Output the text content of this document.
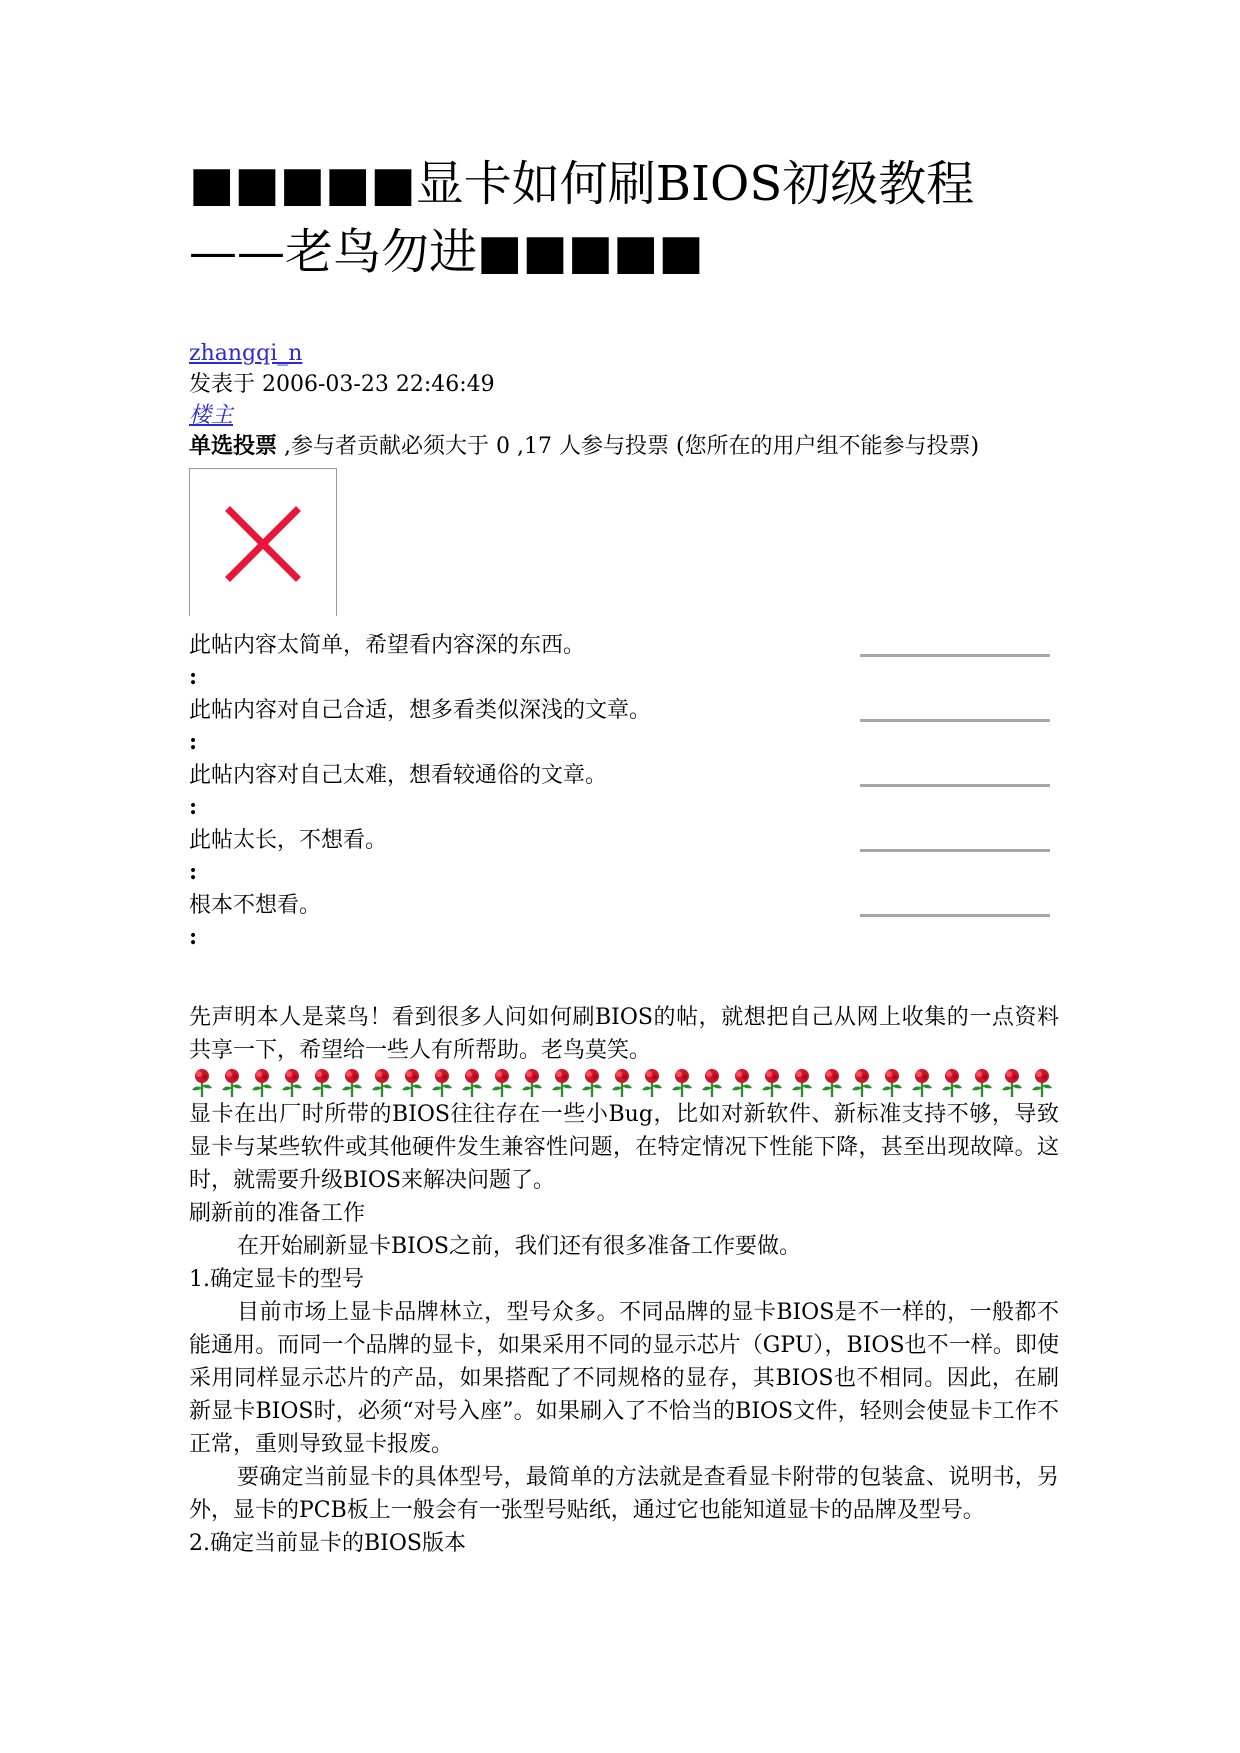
■■■■■显卡如何刷BIOS初级教程
——老鸟勿进■■■■■
zhangqi_n
发表于 2006-03-23 22:46:49
楼主
单选投票 ,参与者贡献必须大于 0 ,17 人参与投票 (您所在的用户组不能参与投票)
此帖内容太简单，希望看内容深的东西。
:
此帖内容对自己合适，想多看类似深浅的文章。
:
此帖内容对自己太难，想看较通俗的文章。
:
此帖太长，不想看。
:
根本不想看。
:

先声明本人是菜鸟！看到很多人问如何刷BIOS的帖，就想把自己从网上收集的一点资料共享一下，希望给一些人有所帮助。老鸟莫笑。

显卡在出厂时所带的BIOS往往存在一些小Bug，比如对新软件、新标准支持不够，导致显卡与某些软件或其他硬件发生兼容性问题，在特定情况下性能下降，甚至出现故障。这时，就需要升级BIOS来解决问题了。

刷新前的准备工作

在开始刷新显卡BIOS之前，我们还有很多准备工作要做。

1.确定显卡的型号

目前市场上显卡品牌林立，型号众多。不同品牌的显卡BIOS是不一样的，一般都不能通用。而同一个品牌的显卡，如果采用不同的显示芯片（GPU），BIOS也不一样。即使采用同样显示芯片的产品，如果搭配了不同规格的显存，其BIOS也不相同。因此，在刷新显卡BIOS时，必须“对号入座”。如果刷入了不恰当的BIOS文件，轻则会使显卡工作不正常，重则导致显卡报废。

要确定当前显卡的具体型号，最简单的方法就是查看显卡附带的包装盒、说明书，另外，显卡的PCB板上一般会有一张型号贴纸，通过它也能知道显卡的品牌及型号。

2.确定当前显卡的BIOS版本
